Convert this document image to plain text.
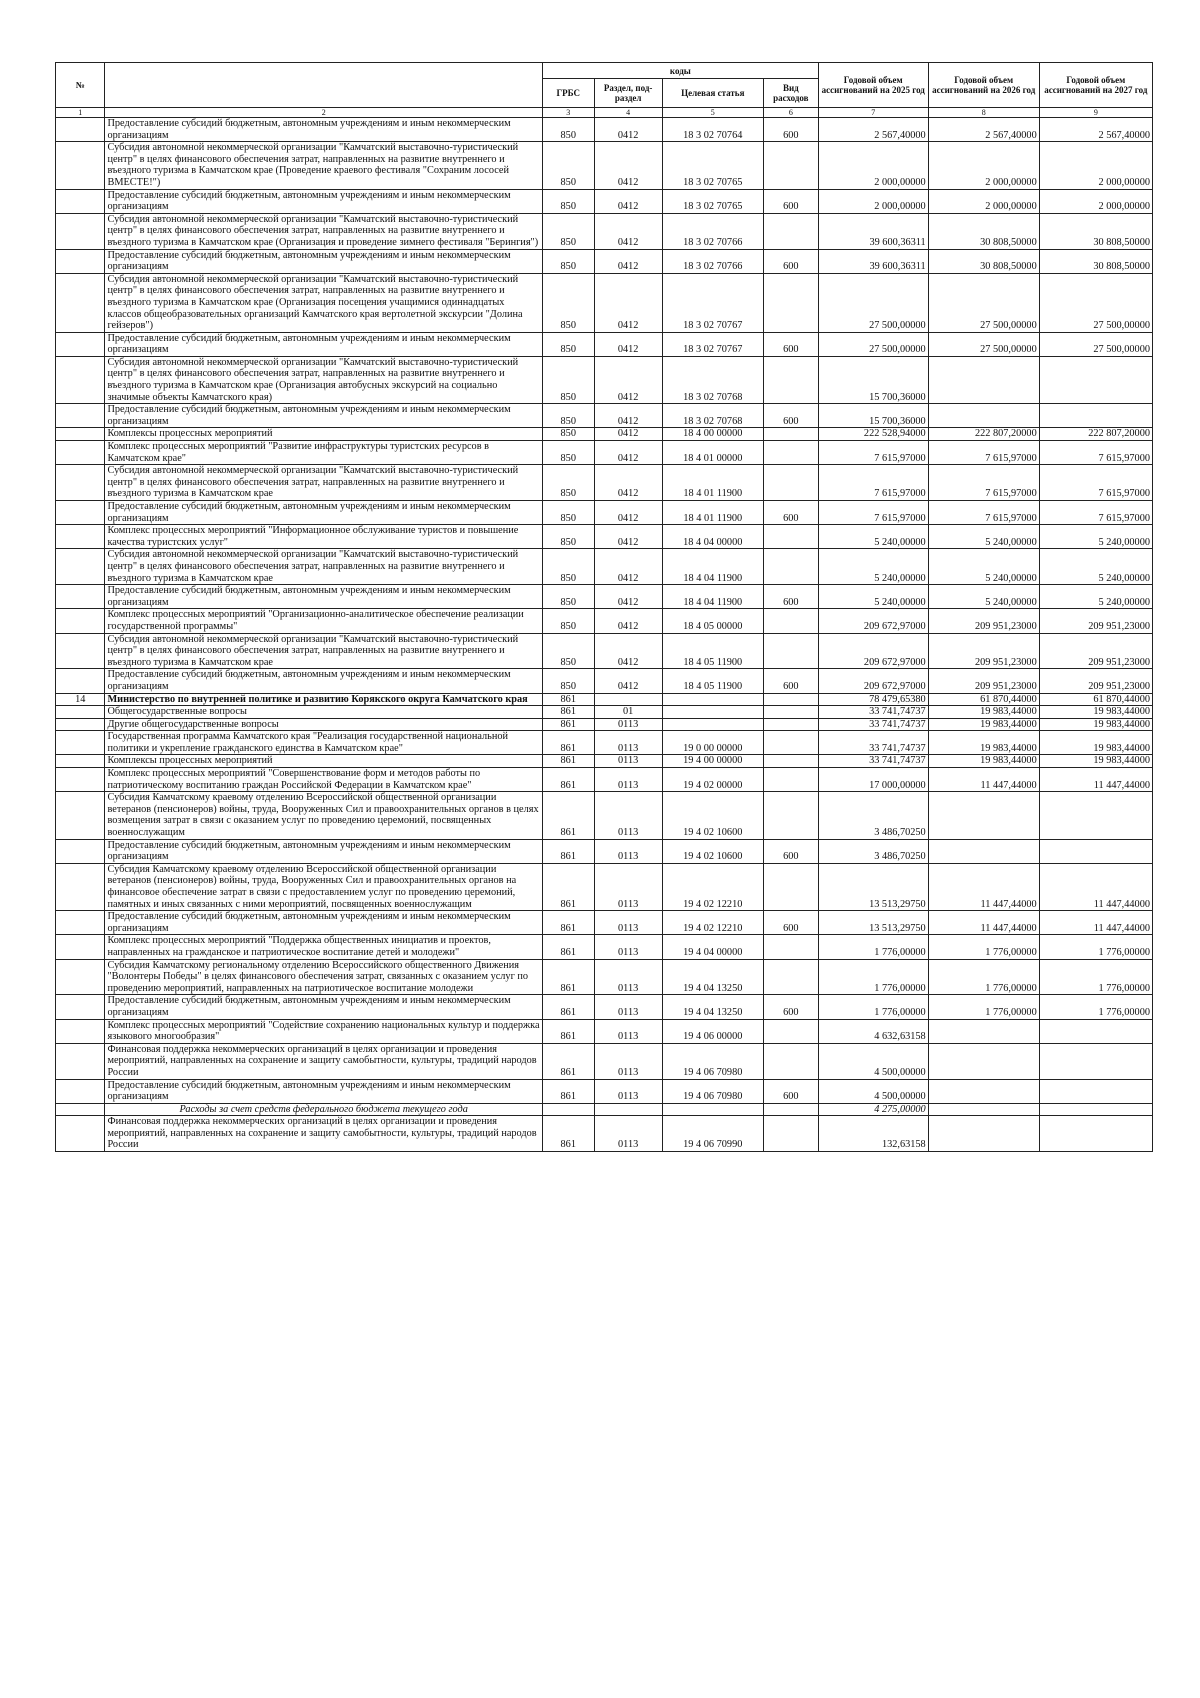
№		коды				Годовой объем ассигнований на 2025 год	Годовой объем ассигнований на 2026 год	Годовой объем ассигнований на 2027 год
		ГРБС	Раздел, под-раздел	Целевая статья	Вид расходов			
1	2	3	4	5	6	7	8	9
	Предоставление субсидий бюджетным, автономным учреждениям и иным некоммерческим организациям	850	0412	18 3 02 70764	600	2 567,40000	2 567,40000	2 567,40000
	Субсидия автономной некоммерческой организации "Камчатский выставочно-туристический центр" в целях финансового обеспечения затрат, направленных на развитие внутреннего и въездного туризма в Камчатском крае (Проведение краевого фестиваля "Сохраним лососей ВМЕСТЕ!")	850	0412	18 3 02 70765		2 000,00000	2 000,00000	2 000,00000
	Предоставление субсидий бюджетным, автономным учреждениям и иным некоммерческим организациям	850	0412	18 3 02 70765	600	2 000,00000	2 000,00000	2 000,00000
	Субсидия автономной некоммерческой организации "Камчатский выставочно-туристический центр" в целях финансового обеспечения затрат, направленных на развитие внутреннего и въездного туризма в Камчатском крае (Организация и проведение зимнего фестиваля "Берингия")	850	0412	18 3 02 70766		39 600,36311	30 808,50000	30 808,50000
	Предоставление субсидий бюджетным, автономным учреждениям и иным некоммерческим организациям	850	0412	18 3 02 70766	600	39 600,36311	30 808,50000	30 808,50000
	Субсидия автономной некоммерческой организации "Камчатский выставочно-туристический центр" в целях финансового обеспечения затрат, направленных на развитие внутреннего и въездного туризма в Камчатском крае (Организация посещения учащимися одиннадцатых классов общеобразовательных организаций Камчатского края вертолетной экскурсии "Долина гейзеров")	850	0412	18 3 02 70767		27 500,00000	27 500,00000	27 500,00000
	Предоставление субсидий бюджетным, автономным учреждениям и иным некоммерческим организациям	850	0412	18 3 02 70767	600	27 500,00000	27 500,00000	27 500,00000
	Субсидия автономной некоммерческой организации "Камчатский выставочно-туристический центр" в целях финансового обеспечения затрат, направленных на развитие внутреннего и въездного туризма в Камчатском крае (Организация автобусных экскурсий на социально значимые объекты Камчатского края)	850	0412	18 3 02 70768		15 700,36000		
	Предоставление субсидий бюджетным, автономным учреждениям и иным некоммерческим организациям	850	0412	18 3 02 70768	600	15 700,36000		
	Комплексы процессных мероприятий	850	0412	18 4 00 00000		222 528,94000	222 807,20000	222 807,20000
	Комплекс процессных мероприятий "Развитие инфраструктуры туристских ресурсов в Камчатском крае"	850	0412	18 4 01 00000		7 615,97000	7 615,97000	7 615,97000
	Субсидия автономной некоммерческой организации "Камчатский выставочно-туристический центр" в целях финансового обеспечения затрат, направленных на развитие внутреннего и въездного туризма в Камчатском крае	850	0412	18 4 01 11900		7 615,97000	7 615,97000	7 615,97000
	Предоставление субсидий бюджетным, автономным учреждениям и иным некоммерческим организациям	850	0412	18 4 01 11900	600	7 615,97000	7 615,97000	7 615,97000
	Комплекс процессных мероприятий "Информационное обслуживание туристов и повышение качества туристских услуг"	850	0412	18 4 04 00000		5 240,00000	5 240,00000	5 240,00000
	Субсидия автономной некоммерческой организации "Камчатский выставочно-туристический центр" в целях финансового обеспечения затрат, направленных на развитие внутреннего и въездного туризма в Камчатском крае	850	0412	18 4 04 11900		5 240,00000	5 240,00000	5 240,00000
	Предоставление субсидий бюджетным, автономным учреждениям и иным некоммерческим организациям	850	0412	18 4 04 11900	600	5 240,00000	5 240,00000	5 240,00000
	Комплекс процессных мероприятий "Организационно-аналитическое обеспечение реализации государственной программы"	850	0412	18 4 05 00000		209 672,97000	209 951,23000	209 951,23000
	Субсидия автономной некоммерческой организации "Камчатский выставочно-туристический центр" в целях финансового обеспечения затрат, направленных на развитие внутреннего и въездного туризма в Камчатском крае	850	0412	18 4 05 11900		209 672,97000	209 951,23000	209 951,23000
	Предоставление субсидий бюджетным, автономным учреждениям и иным некоммерческим организациям	850	0412	18 4 05 11900	600	209 672,97000	209 951,23000	209 951,23000
14	Министерство по внутренней политике и развитию Корякского округа Камчатского края	861				78 479,65380	61 870,44000	61 870,44000
	Общегосударственные вопросы	861	01			33 741,74737	19 983,44000	19 983,44000
	Другие общегосударственные вопросы	861	0113			33 741,74737	19 983,44000	19 983,44000
	Государственная программа Камчатского края "Реализация государственной национальной политики и укрепление гражданского единства в Камчатском крае"	861	0113	19 0 00 00000		33 741,74737	19 983,44000	19 983,44000
	Комплексы процессных мероприятий	861	0113	19 4 00 00000		33 741,74737	19 983,44000	19 983,44000
	Комплекс процессных мероприятий "Совершенствование форм и методов работы по патриотическому воспитанию граждан Российской Федерации в Камчатском крае"	861	0113	19 4 02 00000		17 000,00000	11 447,44000	11 447,44000
	Субсидия Камчатскому краевому отделению Всероссийской общественной организации ветеранов (пенсионеров) войны, труда, Вооруженных Сил и правоохранительных органов в целях возмещения затрат в связи с оказанием услуг по проведению церемоний, посвященных военнослужащим	861	0113	19 4 02 10600		3 486,70250		
	Предоставление субсидий бюджетным, автономным учреждениям и иным некоммерческим организациям	861	0113	19 4 02 10600	600	3 486,70250		
	Субсидия Камчатскому краевому отделению Всероссийской общественной организации ветеранов (пенсионеров) войны, труда, Вооруженных Сил и правоохранительных органов на финансовое обеспечение затрат в связи с предоставлением услуг по проведению церемоний, памятных и иных связанных с ними мероприятий, посвященных военнослужащим	861	0113	19 4 02 12210		13 513,29750	11 447,44000	11 447,44000
	Предоставление субсидий бюджетным, автономным учреждениям и иным некоммерческим организациям	861	0113	19 4 02 12210	600	13 513,29750	11 447,44000	11 447,44000
	Комплекс процессных мероприятий "Поддержка общественных инициатив и проектов, направленных на гражданское и патриотическое воспитание детей и молодежи"	861	0113	19 4 04 00000		1 776,00000	1 776,00000	1 776,00000
	Субсидия Камчатскому региональному отделению Всероссийского общественного Движения "Волонтеры Победы" в целях финансового обеспечения затрат, связанных с оказанием услуг по проведению мероприятий, направленных на патриотическое воспитание молодежи	861	0113	19 4 04 13250		1 776,00000	1 776,00000	1 776,00000
	Предоставление субсидий бюджетным, автономным учреждениям и иным некоммерческим организациям	861	0113	19 4 04 13250	600	1 776,00000	1 776,00000	1 776,00000
	Комплекс процессных мероприятий "Содействие сохранению национальных культур и поддержка языкового многообразия"	861	0113	19 4 06 00000		4 632,63158		
	Финансовая поддержка некоммерческих организаций в целях организации и проведения мероприятий, направленных на сохранение и защиту самобытности, культуры, традиций народов России	861	0113	19 4 06 70980		4 500,00000		
	Предоставление субсидий бюджетным, автономным учреждениям и иным некоммерческим организациям	861	0113	19 4 06 70980	600	4 500,00000		
	Расходы за счет средств федерального бюджета текущего года					4 275,00000		
	Финансовая поддержка некоммерческих организаций в целях организации и проведения мероприятий, направленных на сохранение и защиту самобытности, культуры, традиций народов России	861	0113	19 4 06 70990		132,63158		
